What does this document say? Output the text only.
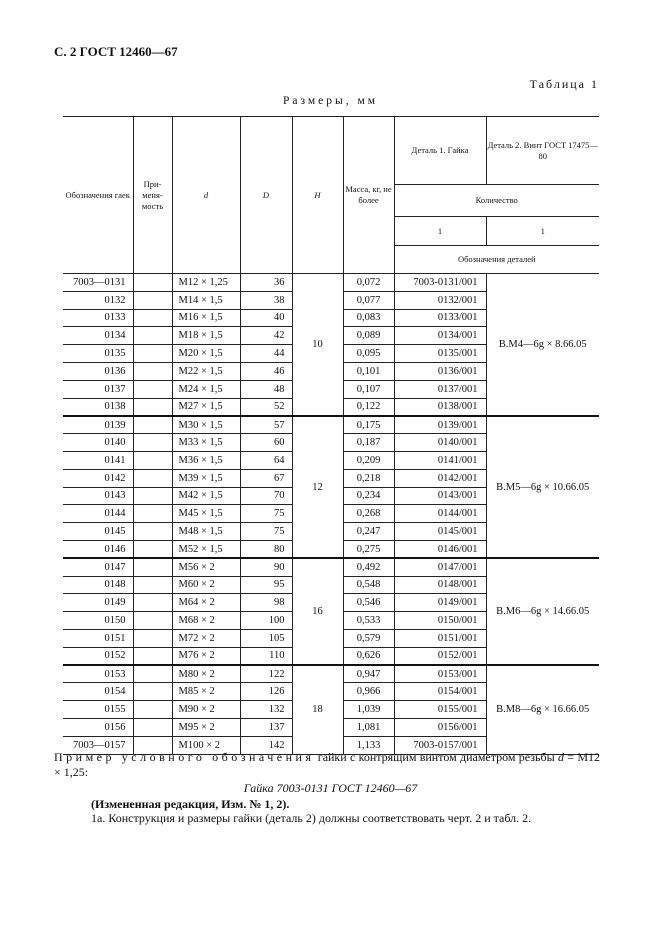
С. 2 ГОСТ 12460—67
Таблица 1
Размеры, мм
Обозначения гаек	При- меня- мость	d	D	H	Масса, кг, не более	Деталь 1. Гайка	Деталь 2. Винт ГОСТ 17475—80
						Количество	
						1	1
						Обозначения деталей	
7003—0131		М12 × 1,25	36	10	0,072	7003-0131/001	В.М4—6g × 8.66.05
0132		М14 × 1,5	38		0,077	0132/001	
0133		М16 × 1,5	40		0,083	0133/001	
0134		М18 × 1,5	42		0,089	0134/001	
0135		М20 × 1,5	44		0,095	0135/001	
0136		М22 × 1,5	46		0,101	0136/001	
0137		М24 × 1,5	48		0,107	0137/001	
0138		М27 × 1,5	52		0,122	0138/001	
0139		М30 × 1,5	57	12	0,175	0139/001	В.М5—6g × 10.66.05
0140		М33 × 1,5	60		0,187	0140/001	
0141		М36 × 1,5	64		0,209	0141/001	
0142		М39 × 1,5	67		0,218	0142/001	
0143		М42 × 1,5	70		0,234	0143/001	
0144		М45 × 1,5	75		0,268	0144/001	
0145		М48 × 1,5	75		0,247	0145/001	
0146		М52 × 1,5	80		0,275	0146/001	
0147		М56 × 2	90	16	0,492	0147/001	В.М6—6g × 14.66.05
0148		М60 × 2	95		0,548	0148/001	
0149		М64 × 2	98		0,546	0149/001	
0150		М68 × 2	100		0,533	0150/001	
0151		М72 × 2	105		0,579	0151/001	
0152		М76 × 2	110		0,626	0152/001	
0153		М80 × 2	122	18	0,947	0153/001	В.М8—6g × 16.66.05
0154		М85 × 2	126		0,966	0154/001	
0155		М90 × 2	132		1,039	0155/001	
0156		М95 × 2	137		1,081	0156/001	
7003—0157		М100 × 2	142		1,133	7003-0157/001	
Пример условного обозначения гайки с контрящим винтом диаметром резьбы d = М12 × 1,25:
Гайка 7003-0131 ГОСТ 12460—67
(Измененная редакция, Изм. № 1, 2).
1а. Конструкция и размеры гайки (деталь 2) должны соответствовать черт. 2 и табл. 2.
